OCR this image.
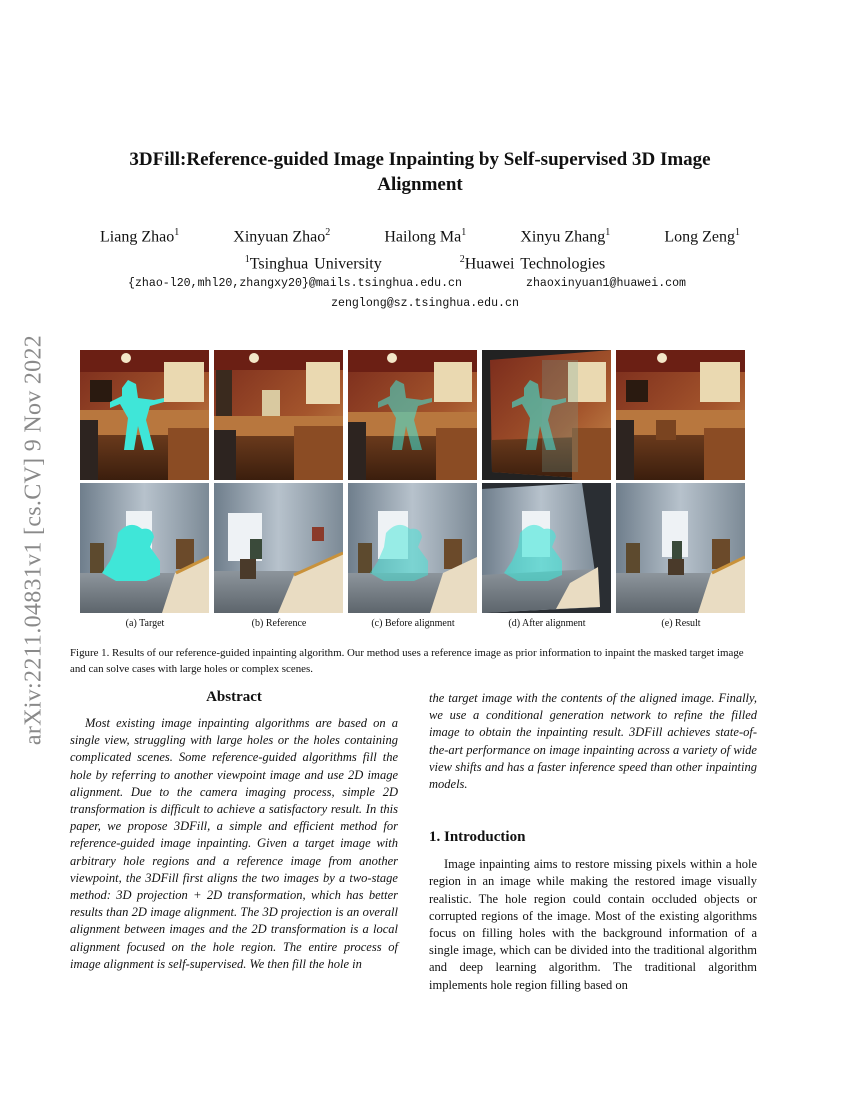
arXiv:2211.04831v1 [cs.CV] 9 Nov 2022
3DFill:Reference-guided Image Inpainting by Self-supervised 3D Image Alignment
Liang Zhao$^1$	Xinyuan Zhao$^2$	Hailong Ma$^1$	Xinyu Zhang$^1$	Long Zeng$^1$
$^1$Tsinghua University	$^2$Huawei Technologies
{zhao-l20,mhl20,zhangxy20}@mails.tsinghua.edu.cn	zhaoxinyuan1@huawei.com
zenglong@sz.tsinghua.edu.cn
(a) Target	(b) Reference	(c) Before alignment	(d) After alignment	(e) Result
Figure 1. Results of our reference-guided inpainting algorithm. Our method uses a reference image as prior information to inpaint the masked target image and can solve cases with large holes or complex scenes.
Abstract
Most existing image inpainting algorithms are based on a single view, struggling with large holes or the holes containing complicated scenes. Some reference-guided algorithms fill the hole by referring to another viewpoint image and use 2D image alignment. Due to the camera imaging process, simple 2D transformation is difficult to achieve a satisfactory result. In this paper, we propose 3DFill, a simple and efficient method for reference-guided image inpainting. Given a target image with arbitrary hole regions and a reference image from another viewpoint, the 3DFill first aligns the two images by a two-stage method: 3D projection + 2D transformation, which has better results than 2D image alignment. The 3D projection is an overall alignment between images and the 2D transformation is a local alignment focused on the hole region. The entire process of image alignment is self-supervised. We then fill the hole in
the target image with the contents of the aligned image. Finally, we use a conditional generation network to refine the filled image to obtain the inpainting result. 3DFill achieves state-of-the-art performance on image inpainting across a variety of wide view shifts and has a faster inference speed than other inpainting models.
1. Introduction
Image inpainting aims to restore missing pixels within a hole region in an image while making the restored image visually realistic. The hole region could contain occluded objects or corrupted regions of the image. Most of the existing algorithms focus on filling holes with the background information of a single image, which can be divided into the traditional algorithm and deep learning algorithm. The traditional algorithm implements hole region filling based on
